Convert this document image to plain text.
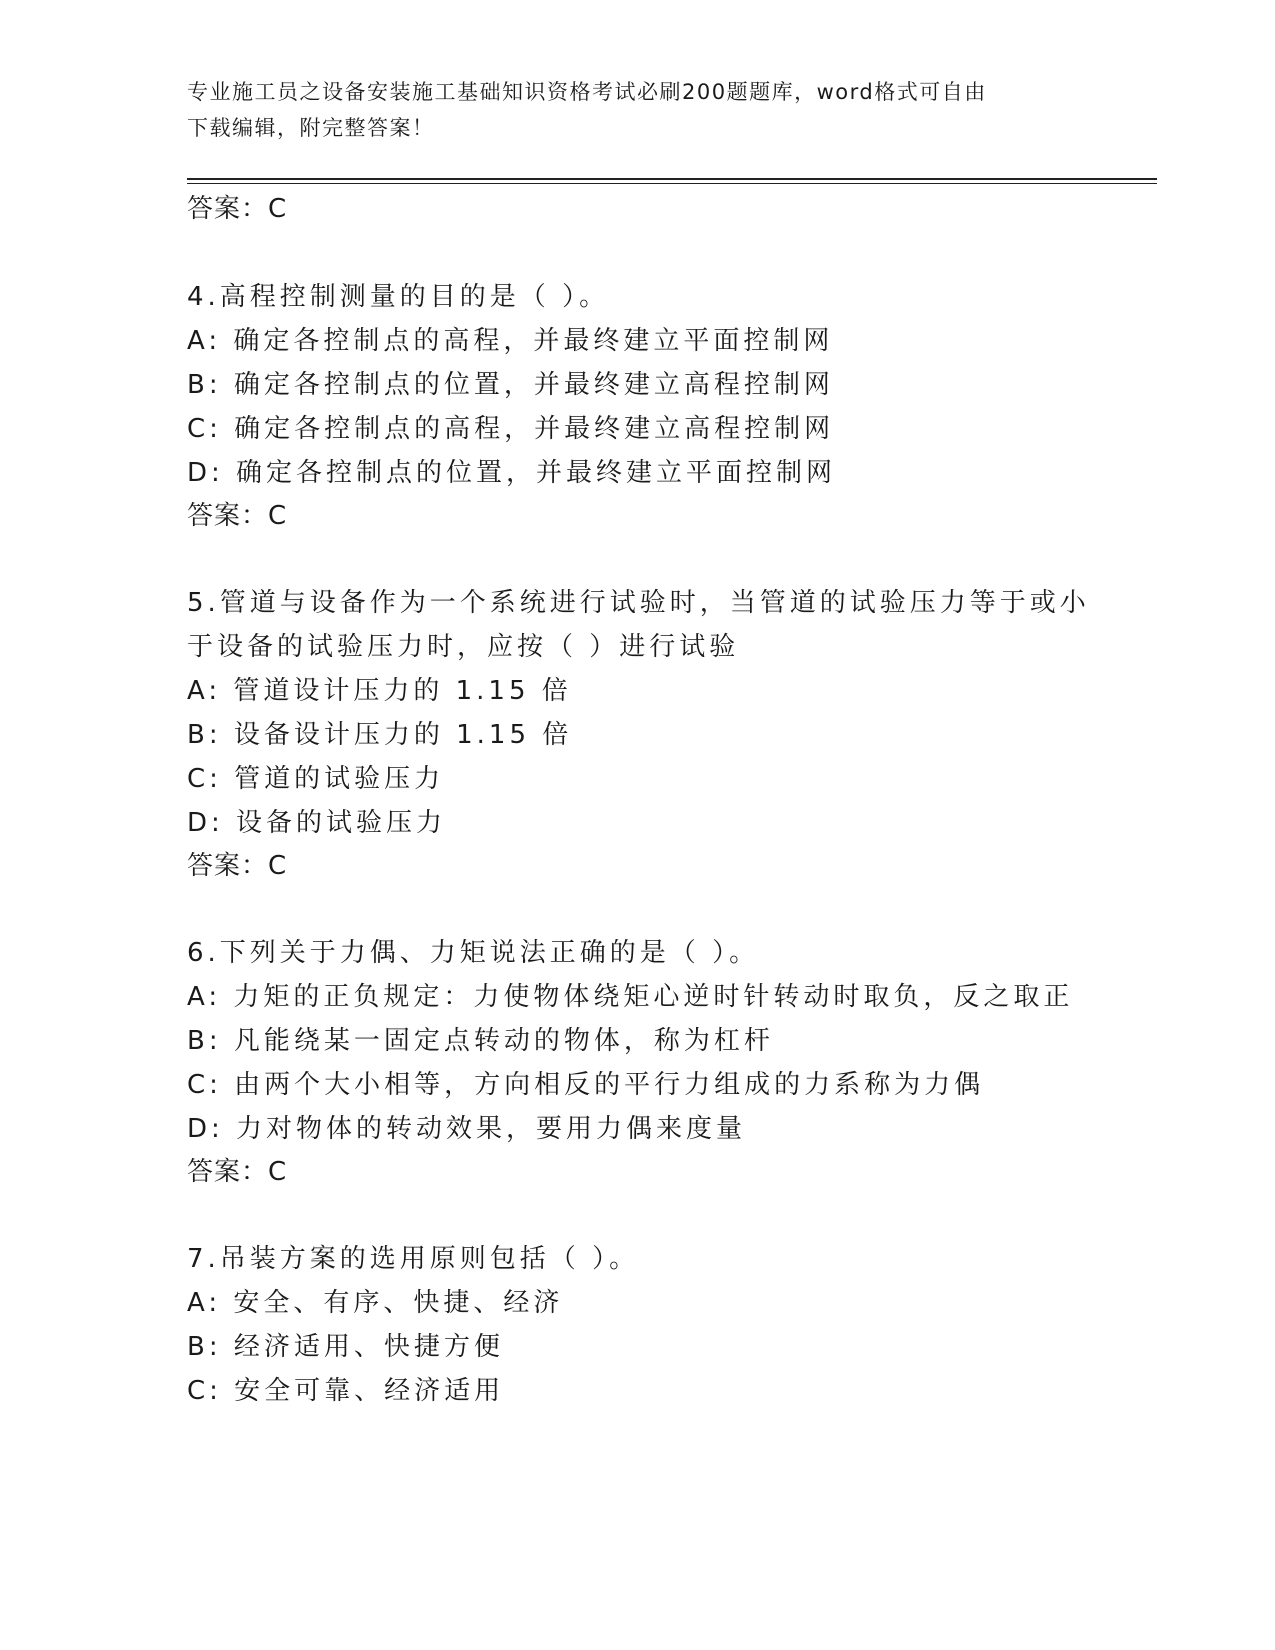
专业施工员之设备安装施工基础知识资格考试必刷200题题库，word格式可自由
下载编辑，附完整答案！
答案：C
4.高程控制测量的目的是（ ）。
A: 确定各控制点的高程，并最终建立平面控制网
B: 确定各控制点的位置，并最终建立高程控制网
C: 确定各控制点的高程，并最终建立高程控制网
D: 确定各控制点的位置，并最终建立平面控制网
答案：C
5.管道与设备作为一个系统进行试验时，当管道的试验压力等于或小
于设备的试验压力时，应按（ ）进行试验
A: 管道设计压力的 1.15 倍
B: 设备设计压力的 1.15 倍
C: 管道的试验压力
D: 设备的试验压力
答案：C
6.下列关于力偶、力矩说法正确的是（ ）。
A: 力矩的正负规定：力使物体绕矩心逆时针转动时取负，反之取正
B: 凡能绕某一固定点转动的物体，称为杠杆
C: 由两个大小相等，方向相反的平行力组成的力系称为力偶
D: 力对物体的转动效果，要用力偶来度量
答案：C
7.吊装方案的选用原则包括（ ）。
A: 安全、有序、快捷、经济
B: 经济适用、快捷方便
C: 安全可靠、经济适用
